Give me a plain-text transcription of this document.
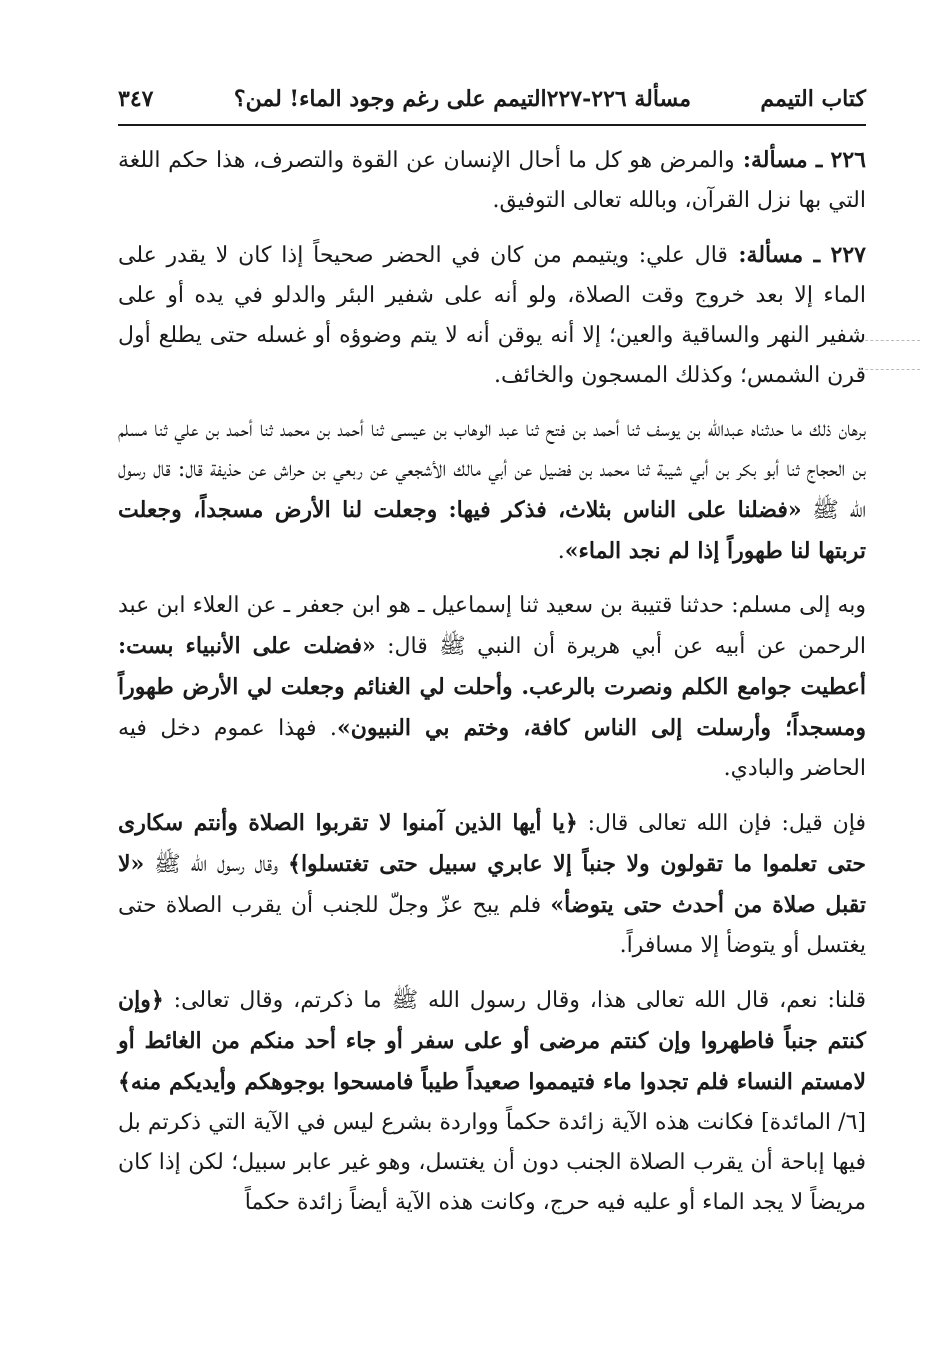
كتاب التيمم
مسألة ٢٢٦-٢٢٧التيمم على رغم وجود الماء! لمن؟
٣٤٧

٢٢٦ ـ مسألة: والمرض هو كل ما أحال الإنسان عن القوة والتصرف، هذا حكم اللغة التي بها نزل القرآن، وبالله تعالى التوفيق.

٢٢٧ ـ مسألة: قال علي: ويتيمم من كان في الحضر صحيحاً إذا كان لا يقدر على الماء إلا بعد خروج وقت الصلاة، ولو أنه على شفير البئر والدلو في يده أو على شفير النهر والساقية والعين؛ إلا أنه يوقن أنه لا يتم وضوؤه أو غسله حتى يطلع أول قرن الشمس؛ وكذلك المسجون والخائف.

برهان ذلك ما حدثناه عبدالله بن يوسف ثنا أحمد بن فتح ثنا عبد الوهاب بن عيسى ثنا أحمد بن محمد ثنا أحمد بن علي ثنا مسلم بن الحجاج ثنا أبو بكر بن أبي شيبة ثنا محمد بن فضيل عن أبي مالك الأشجعي عن ربعي بن حراش عن حذيفة قال: قال رسول الله ﷺ «فضلنا على الناس بثلاث، فذكر فيها: وجعلت لنا الأرض مسجداً، وجعلت تربتها لنا طهوراً إذا لم نجد الماء».

وبه إلى مسلم: حدثنا قتيبة بن سعيد ثنا إسماعيل ـ هو ابن جعفر ـ عن العلاء ابن عبد الرحمن عن أبيه عن أبي هريرة أن النبي ﷺ قال: «فضلت على الأنبياء بست: أعطيت جوامع الكلم ونصرت بالرعب. وأحلت لي الغنائم وجعلت لي الأرض طهوراً ومسجداً؛ وأرسلت إلى الناس كافة، وختم بي النبيون». فهذا عموم دخل فيه الحاضر والبادي.

فإن قيل: فإن الله تعالى قال: ﴿يا أيها الذين آمنوا لا تقربوا الصلاة وأنتم سكارى حتى تعلموا ما تقولون ولا جنباً إلا عابري سبيل حتى تغتسلوا﴾ وقال رسول الله ﷺ «لا تقبل صلاة من أحدث حتى يتوضأ» فلم يبح عزّ وجلّ للجنب أن يقرب الصلاة حتى يغتسل أو يتوضأ إلا مسافراً.

قلنا: نعم، قال الله تعالى هذا، وقال رسول الله ﷺ ما ذكرتم، وقال تعالى: ﴿وإن كنتم جنباً فاطهروا وإن كنتم مرضى أو على سفر أو جاء أحد منكم من الغائط أو لامستم النساء فلم تجدوا ماء فتيمموا صعيداً طيباً فامسحوا بوجوهكم وأيديكم منه﴾ [٦/ المائدة] فكانت هذه الآية زائدة حكماً وواردة بشرع ليس في الآية التي ذكرتم بل فيها إباحة أن يقرب الصلاة الجنب دون أن يغتسل، وهو غير عابر سبيل؛ لكن إذا كان مريضاً لا يجد الماء أو عليه فيه حرج، وكانت هذه الآية أيضاً زائدة حكماً
